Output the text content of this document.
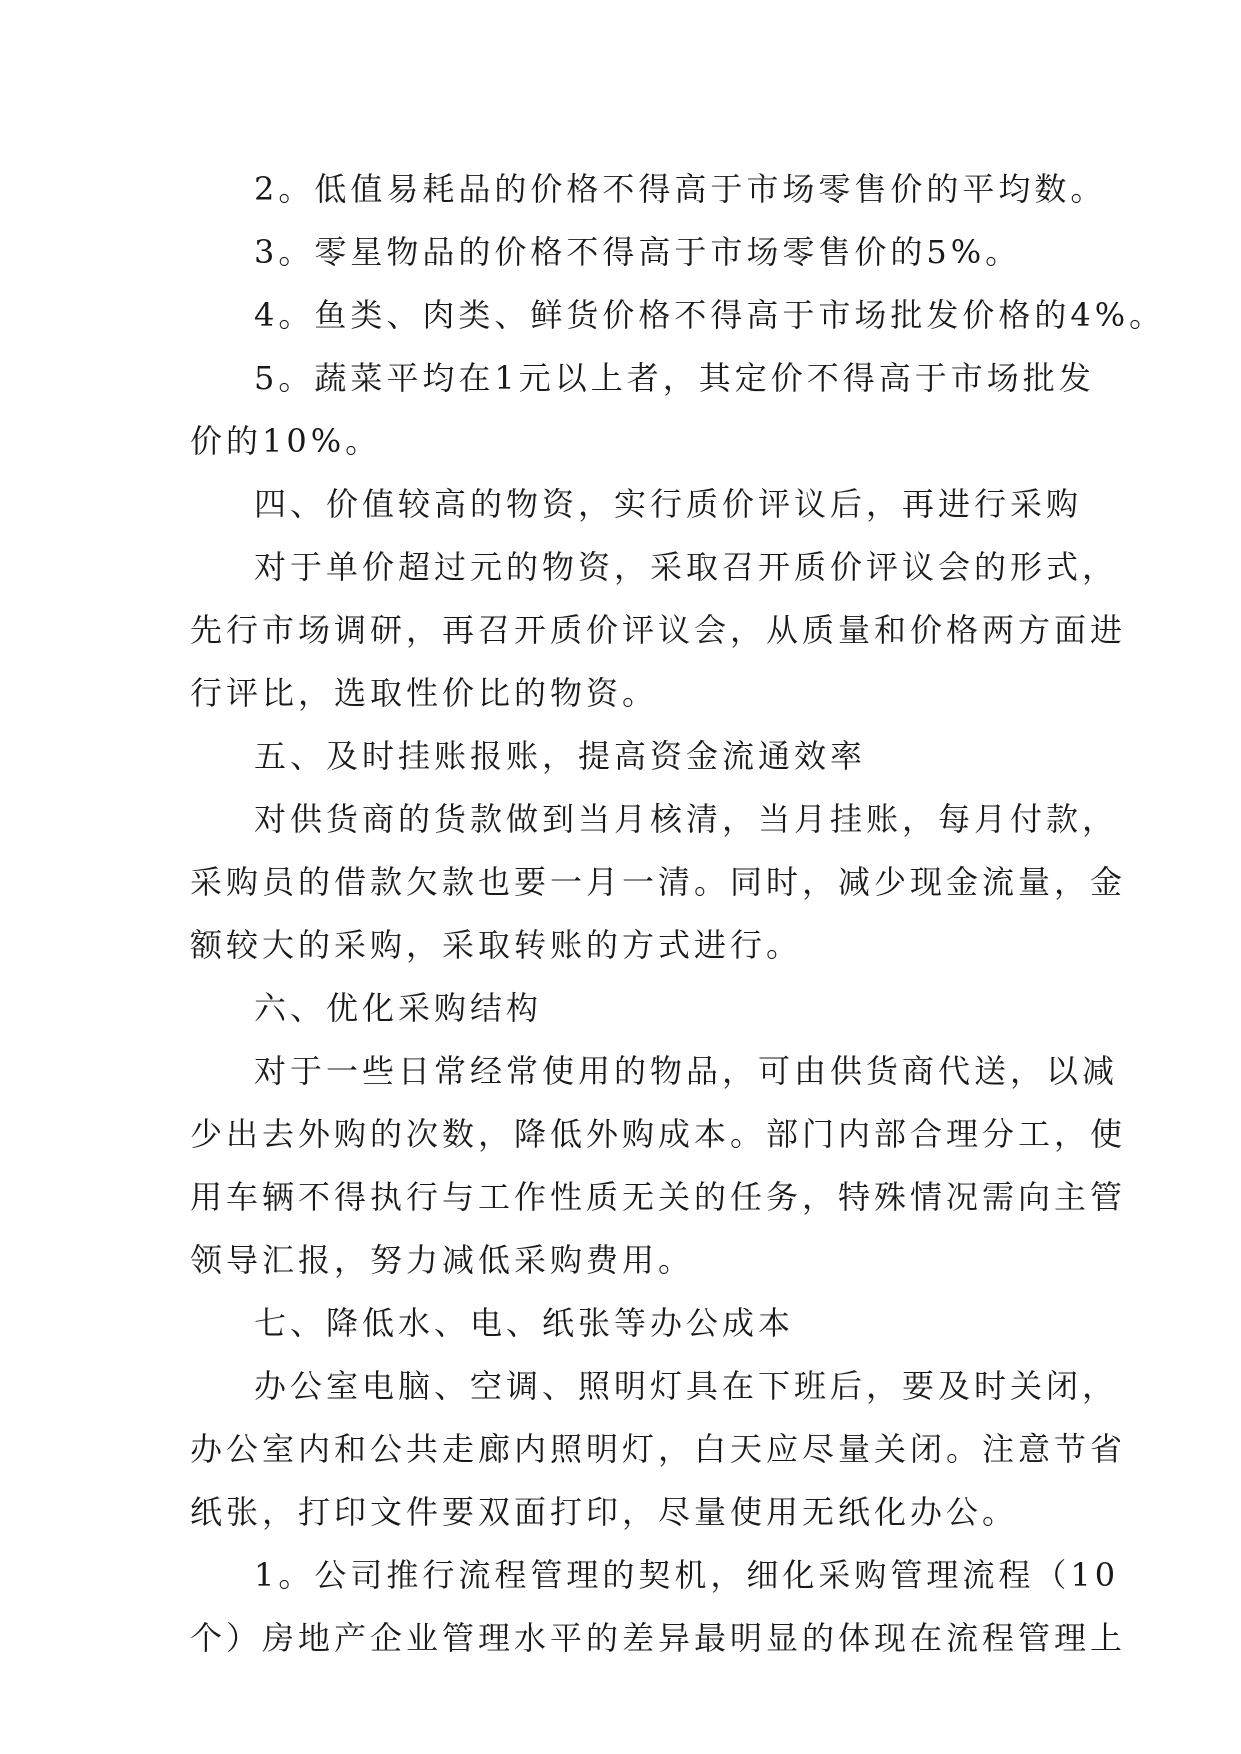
2。低值易耗品的价格不得高于市场零售价的平均数。
3。零星物品的价格不得高于市场零售价的5%。
4。鱼类、肉类、鲜货价格不得高于市场批发价格的4%。
5。蔬菜平均在1元以上者，其定价不得高于市场批发
价的10%。
四、价值较高的物资，实行质价评议后，再进行采购
对于单价超过元的物资，采取召开质价评议会的形式，
先行市场调研，再召开质价评议会，从质量和价格两方面进
行评比，选取性价比的物资。
五、及时挂账报账，提高资金流通效率
对供货商的货款做到当月核清，当月挂账，每月付款，
采购员的借款欠款也要一月一清。同时，减少现金流量，金
额较大的采购，采取转账的方式进行。
六、优化采购结构
对于一些日常经常使用的物品，可由供货商代送，以减
少出去外购的次数，降低外购成本。部门内部合理分工，使
用车辆不得执行与工作性质无关的任务，特殊情况需向主管
领导汇报，努力减低采购费用。
七、降低水、电、纸张等办公成本
办公室电脑、空调、照明灯具在下班后，要及时关闭，
办公室内和公共走廊内照明灯，白天应尽量关闭。注意节省
纸张，打印文件要双面打印，尽量使用无纸化办公。
1。公司推行流程管理的契机，细化采购管理流程（10
个）房地产企业管理水平的差异最明显的体现在流程管理上
